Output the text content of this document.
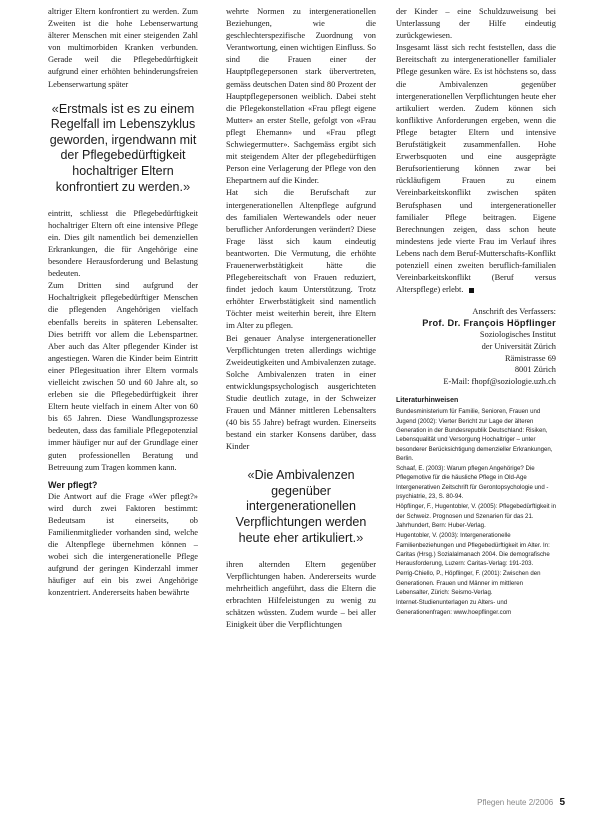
altriger Eltern konfrontiert zu werden. Zum Zweiten ist die hohe Lebenserwartung älterer Menschen mit einer steigenden Zahl von multimorbiden Kranken verbunden. Gerade weil die Pflegebedürftigkeit aufgrund einer erhöhten behinderungsfreien Lebenserwartung später

«Erstmals ist es zu einem Regelfall im Lebenszyklus geworden, irgendwann mit der Pflegebedürftigkeit hochaltriger Eltern konfrontiert zu werden.»

eintritt, schliesst die Pflegebedürftigkeit hochaltriger Eltern oft eine intensive Pflege ein. Dies gilt namentlich bei demenziellen Erkrankungen, die für Angehörige eine besondere Herausforderung und Belastung bedeuten.

Zum Dritten sind aufgrund der Hochaltrigkeit pflegebedürftiger Menschen die pflegenden Angehörigen vielfach ebenfalls bereits in späteren Lebensalter. Dies betrifft vor allem die Lebenspartner. Aber auch das Alter pflegender Kinder ist angestiegen. Waren die Kinder beim Eintritt einer Pflegesituation ihrer Eltern vormals vielleicht zwischen 50 und 60 Jahre alt, so erleben sie die Pflegebedürftigkeit ihrer Eltern heute vielfach in einem Alter von 60 bis 65 Jahren. Diese Wandlungsprozesse bedeuten, dass das familiale Pflegepotenzial immer häufiger nur auf der Grundlage einer guten professionellen Beratung und Betreuung zum Tragen kommen kann.

Wer pflegt?

Die Antwort auf die Frage «Wer pflegt?» wird durch zwei Faktoren bestimmt: Bedeutsam ist einerseits, ob Familienmitglieder vorhanden sind, welche die Altenpflege übernehmen können – wobei sich die intergenerationelle Pflege aufgrund der geringen Kinderzahl immer häufiger auf ein bis zwei Angehörige konzentriert. Andererseits haben bewährte

wehrte Normen zu intergenerationellen Beziehungen, wie die geschlechterspezifische Zuordnung von Verantwortung, einen wichtigen Einfluss. So sind die Frauen einer der Hauptpflegepersonen stark übervertreten, gemäss deutschen Daten sind 80 Prozent der Hauptpflegepersonen weiblich. Dabei steht die Pflegekonstellation «Frau pflegt eigene Mutter» an erster Stelle, gefolgt von «Frau pflegt Ehemann» und «Frau pflegt Schwiegermutter». Sachgemäss ergibt sich mit steigendem Alter der pflegebedürftigen Person eine Verlagerung der Pflege von den Ehepartnern auf die Kinder.

Hat sich die Berufschaft zur intergenerationellen Altenpflege aufgrund des familialen Wertewandels oder neuer beruflicher Anforderungen verändert? Diese Frage lässt sich kaum eindeutig beantworten. Die Vermutung, die erhöhte Frauenerwerbstätigkeit hätte die Pflegebereitschaft von Frauen reduziert, findet jedoch kaum Unterstützung. Trotz erhöhter Erwerbstätigkeit sind namentlich Töchter meist weiterhin bereit, ihre Eltern im Alter zu pflegen.

Bei genauer Analyse intergenerationeller Verpflichtungen treten allerdings wichtige Zweideutigkeiten und Ambivalenzen zutage. Solche Ambivalenzen traten in einer entwicklungspsychologisch ausgerichteten Studie deutlich zutage, in der Schweizer Frauen und Männer mittleren Lebensalters (40 bis 55 Jahre) befragt wurden. Einerseits bestand ein starker Konsens darüber, dass Kinder

«Die Ambivalenzen gegenüber intergenerationellen Verpflichtungen werden heute eher artikuliert.»

ihren alternden Eltern gegenüber Verpflichtungen haben. Andererseits wurde mehrheitlich angeführt, dass die Eltern die erbrachten Hilfeleistungen zu wenig zu schätzen wüssten. Zudem wurde – bei aller Einigkeit über die Verpflichtungen

der Kinder – eine Schuldzuweisung bei Unterlassung der Hilfe eindeutig zurückgewiesen.

Insgesamt lässt sich recht feststellen, dass die Bereitschaft zu intergenerationeller familialer Pflege gesunken wäre. Es ist höchstens so, dass die Ambivalenzen gegenüber intergenerationellen Verpflichtungen heute eher artikuliert werden. Zudem können sich konfliktive Anforderungen ergeben, wenn die Pflege betagter Eltern und intensive Berufstätigkeit zusammenfallen. Hohe Erwerbsquoten und eine ausgeprägte Berufsorientierung können zwar bei rückläufigem Frauen zu einem Vereinbarkeitskonflikt zwischen späten Berufsphasen und intergenerationeller familialer Pflege beitragen. Eigene Berechnungen zeigen, dass schon heute mindestens jede vierte Frau im Verlauf ihres Lebens nach dem Beruf-Mutterschafts-Konflikt potenziell einen zweiten beruflich-familialen Vereinbarkeitskonflikt (Beruf versus Alterspflege) erlebt.

Anschrift des Verfassers:
Prof. Dr. François Höpflinger
Soziologisches Institut
der Universität Zürich
Rämistrasse 69
8001 Zürich
E-Mail: fhopf@soziologie.uzh.ch
Literaturhinweisen

Bundesministerium für Familie, Senioren, Frauen und Jugend (2002): Vierter Bericht zur Lage der älteren Generation in der Bundesrepublik Deutschland: Risiken, Lebensqualität und Versorgung Hochaltriger – unter besonderer Berücksichtigung demenzieller Erkrankungen, Berlin.

Schaaf, E. (2003): Warum pflegen Angehörige? Die Pflegemotive für die häusliche Pflege in Old-Age Intergenerativen Zeitschrift für Gerontopsychologie und -psychiatrie, 23, S. 80-94.

Höpflinger, F., Hugentobler, V. (2005): Pflegebedürftigkeit in der Schweiz. Prognosen und Szenarien für das 21. Jahrhundert, Bern: Huber-Verlag.

Hugentobler, V. (2003): Intergenerationelle Familienbeziehungen und Pflegebedürftigkeit im Alter. In: Caritas (Hrsg.) Sozialalmanach 2004. Die demografische Herausforderung, Luzern: Caritas-Verlag: 191-203.

Perrig-Chiello, P., Höpflinger, F. (2001): Zwischen den Generationen. Frauen und Männer im mittleren Lebensalter, Zürich: Seismo-Verlag.

Internet-Studienunterlagen zu Alters- und Generationenfragen: www.hoepflinger.com

Pflegen heute 2/2006 5
